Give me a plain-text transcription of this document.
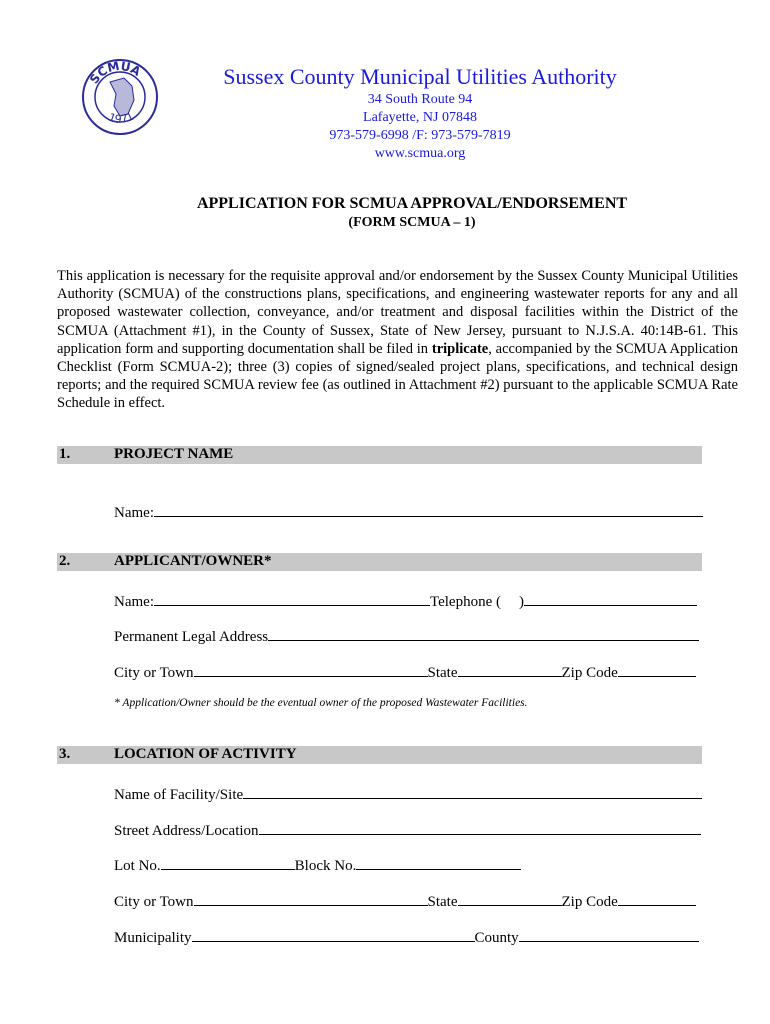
SCMUA
1971
Sussex County Municipal Utilities Authority
34 South Route 94
Lafayette, NJ 07848
973-579-6998 /F: 973-579-7819
www.scmua.org
APPLICATION FOR SCMUA APPROVAL/ENDORSEMENT
(FORM SCMUA – 1)
This application is necessary for the requisite approval and/or endorsement by the Sussex County Municipal Utilities Authority (SCMUA) of the constructions plans, specifications, and engineering wastewater reports for any and all proposed wastewater collection, conveyance, and/or treatment and disposal facilities within the District of the SCMUA (Attachment #1), in the County of Sussex, State of New Jersey, pursuant to N.J.S.A. 40:14B-61. This application form and supporting documentation shall be filed in triplicate, accompanied by the SCMUA Application Checklist (Form SCMUA-2); three (3) copies of signed/sealed project plans, specifications, and technical design reports; and the required SCMUA review fee (as outlined in Attachment #2) pursuant to the applicable SCMUA Rate Schedule in effect.
1.	PROJECT NAME
Name:
2.	APPLICANT/OWNER*
Name:	Telephone ( )
Permanent Legal Address
City or Town	State	Zip Code
* Application/Owner should be the eventual owner of the proposed Wastewater Facilities.
3.	LOCATION OF ACTIVITY
Name of Facility/Site
Street Address/Location
Lot No.	Block No.
City or Town	State	Zip Code
Municipality	County
